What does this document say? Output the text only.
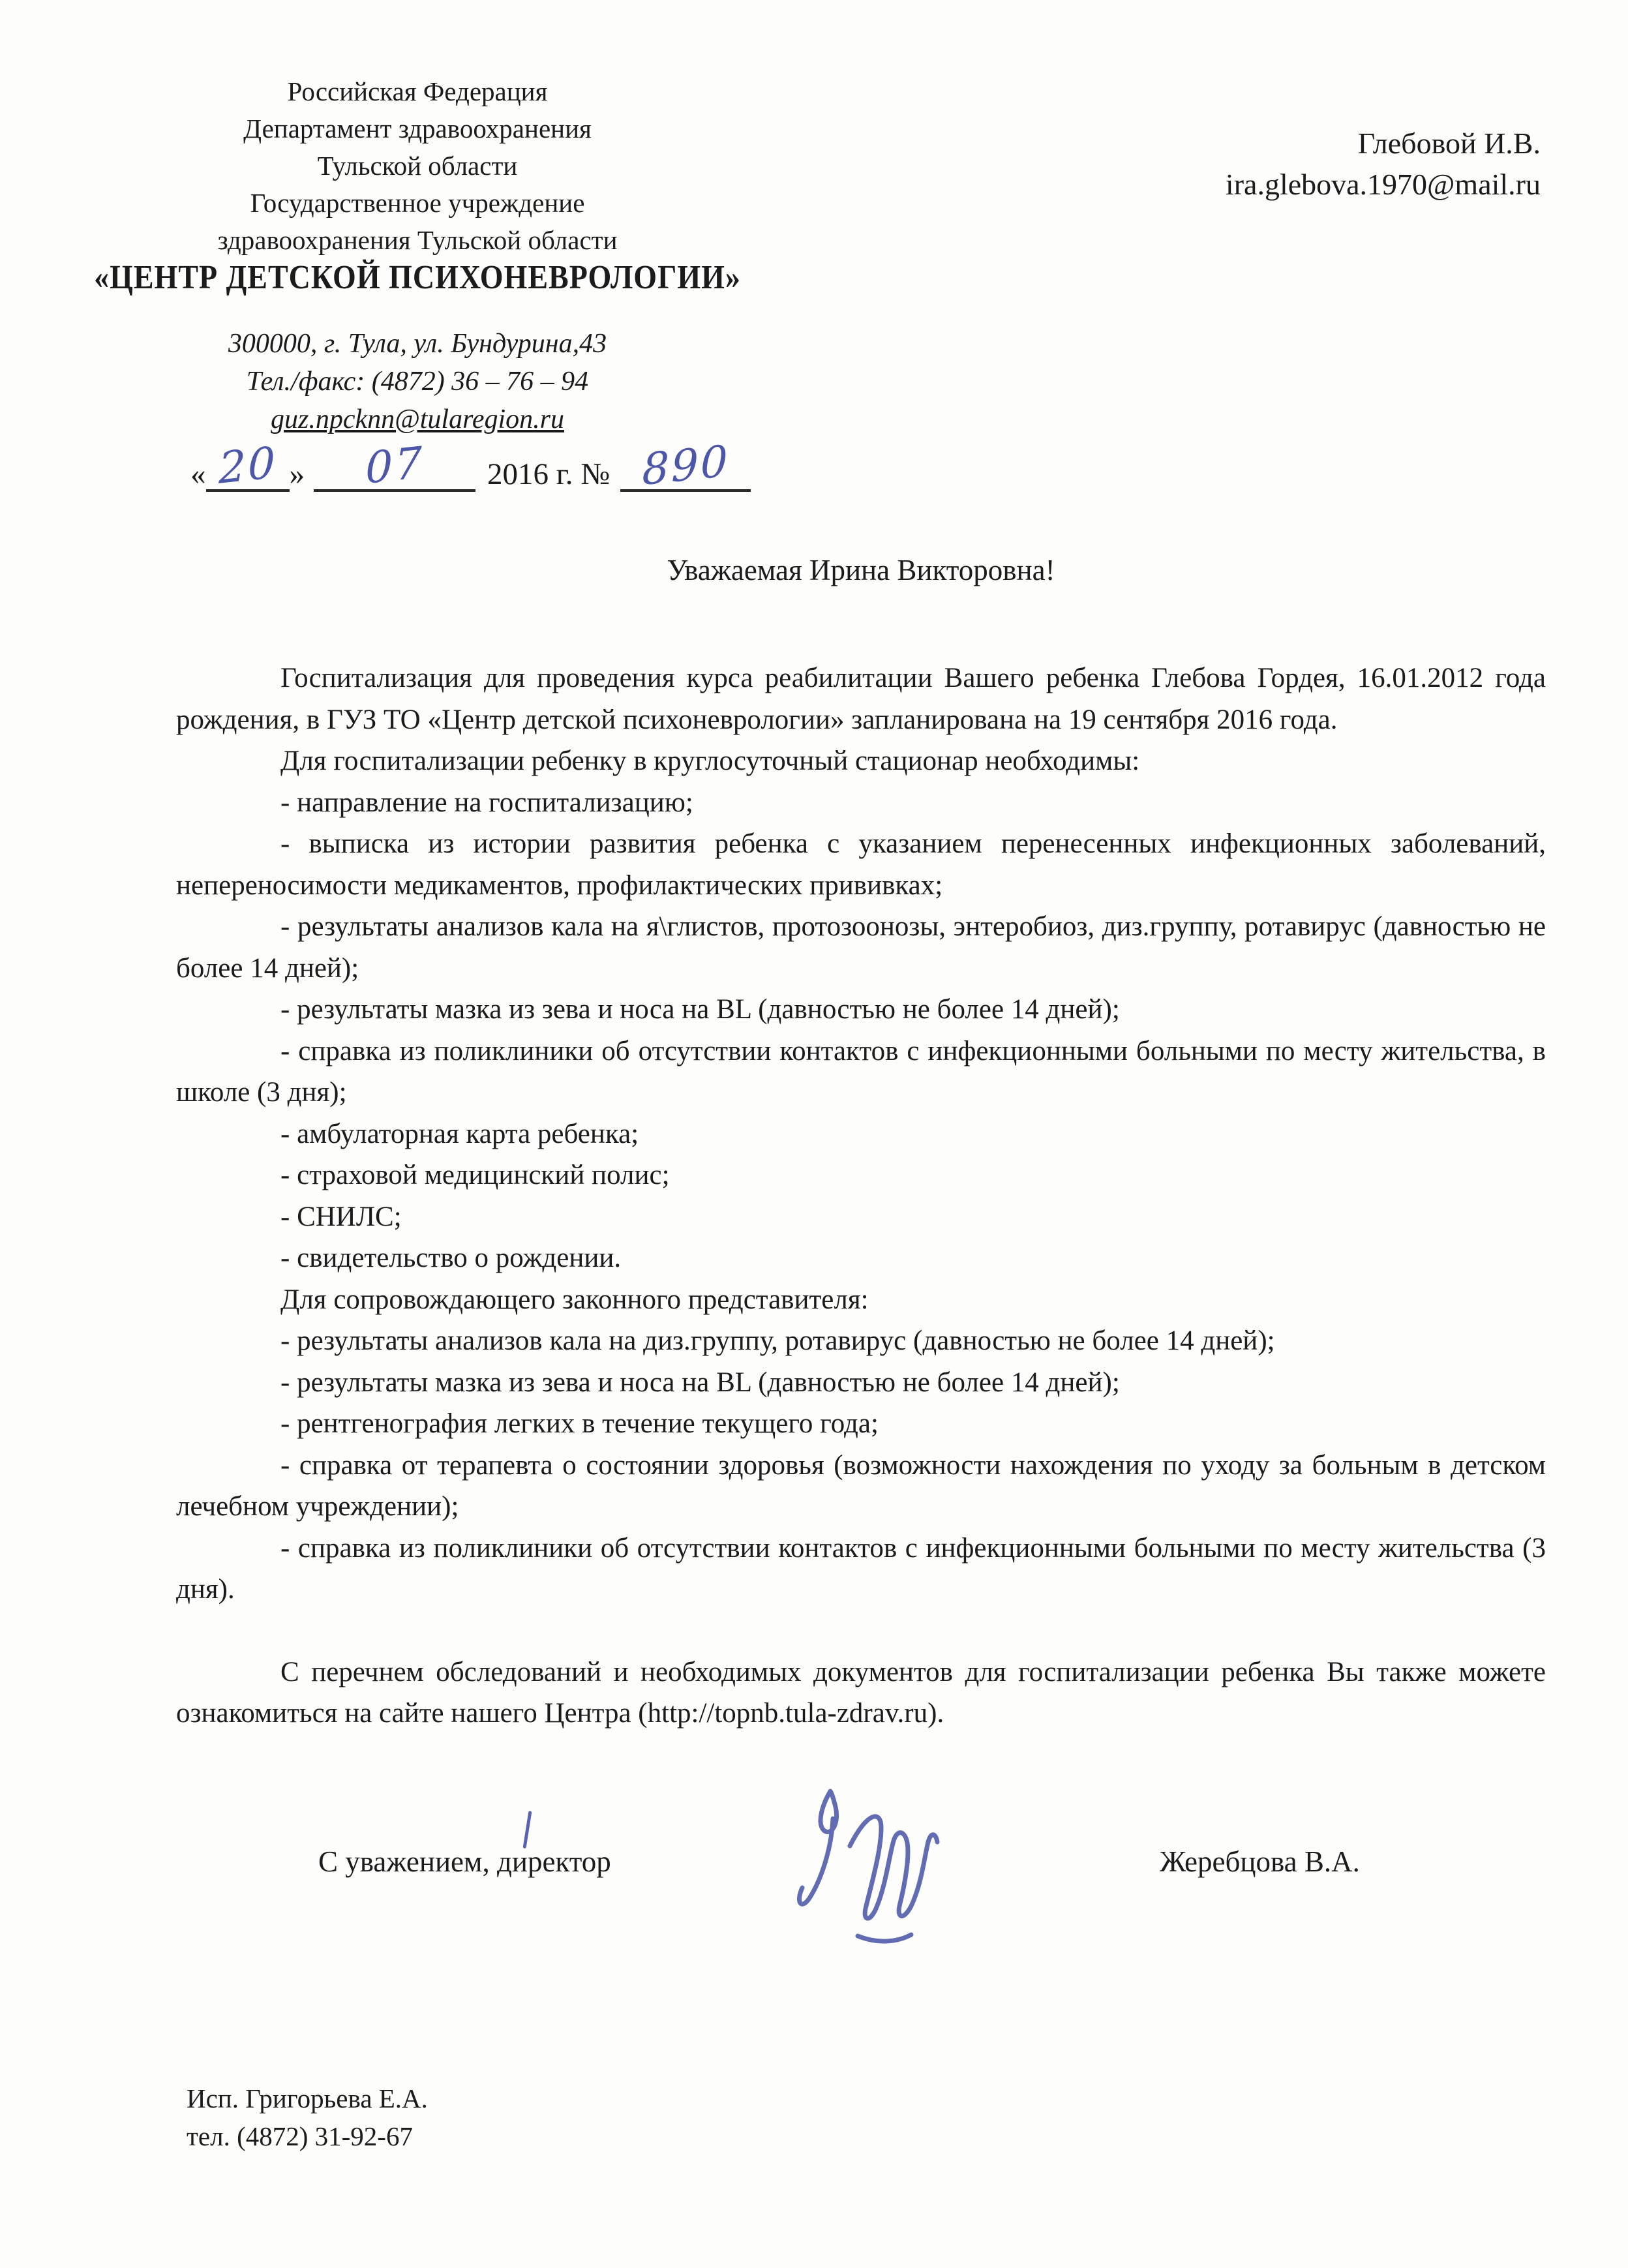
Российская Федерация
Департамент здравоохранения
Тульской области
Государственное учреждение
здравоохранения Тульской области
«ЦЕНТР ДЕТСКОЙ ПСИХОНЕВРОЛОГИИ»
Глебовой И.В.
ira.glebova.1970@mail.ru
300000, г. Тула, ул. Бундурина,43
Тел./факс: (4872) 36 – 76 – 94
guz.npcknn@tularegion.ru
« 20 » 07 2016 г. № 890
Уважаемая Ирина Викторовна!

Госпитализация для проведения курса реабилитации Вашего ребенка Глебова Гордея, 16.01.2012 года рождения, в ГУЗ ТО «Центр детской психоневрологии» запланирована на 19 сентября 2016 года.

Для госпитализации ребенку в круглосуточный стационар необходимы:

- направление на госпитализацию;

- выписка из истории развития ребенка с указанием перенесенных инфекционных заболеваний, непереносимости медикаментов, профилактических прививках;

- результаты анализов кала на я\глистов, протозоонозы, энтеробиоз, диз.группу, ротавирус (давностью не более 14 дней);

- результаты мазка из зева и носа на BL (давностью не более 14 дней);

- справка из поликлиники об отсутствии контактов с инфекционными больными по месту жительства, в школе (3 дня);

- амбулаторная карта ребенка;

- страховой медицинский полис;

- СНИЛС;

- свидетельство о рождении.

Для сопровождающего законного представителя:

- результаты анализов кала на диз.группу, ротавирус (давностью не более 14 дней);

- результаты мазка из зева и носа на BL (давностью не более 14 дней);

- рентгенография легких в течение текущего года;

- справка от терапевта о состоянии здоровья (возможности нахождения по уходу за больным в детском лечебном учреждении);

- справка из поликлиники об отсутствии контактов с инфекционными больными по месту жительства (3 дня).

С перечнем обследований и необходимых документов для госпитализации ребенка Вы также можете ознакомиться на сайте нашего Центра (http://topnb.tula-zdrav.ru).

С уважением, директор	Жеребцова В.А.
Исп. Григорьева Е.А.
тел. (4872) 31-92-67
